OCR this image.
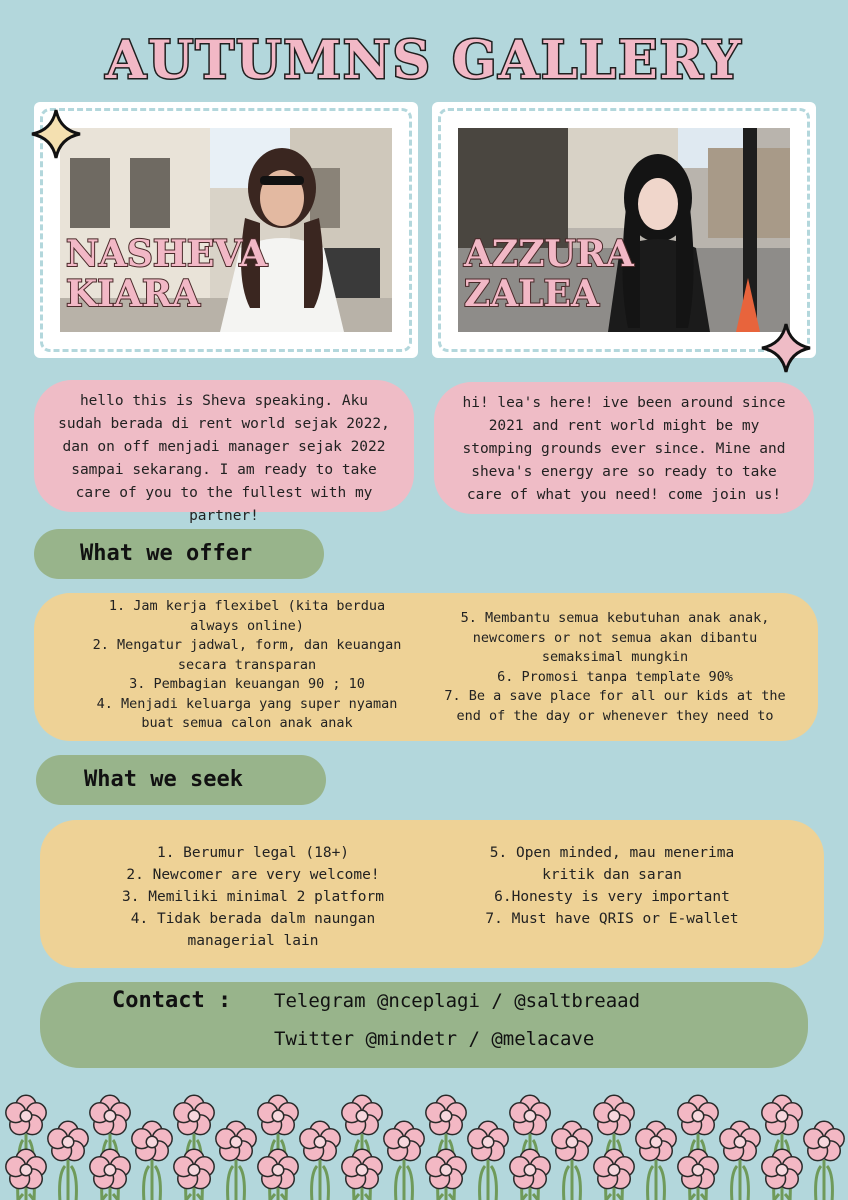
AUTUMNS GALLERY
NASHEVA
KIARA
AZZURA
ZALEA
hello this is Sheva speaking. Aku sudah berada di rent world sejak 2022, dan on off menjadi manager sejak 2022 sampai sekarang. I am ready to take care of you to the fullest with my partner!
hi! lea's here! ive been around since 2021 and rent world might be my stomping grounds ever since. Mine and sheva's energy are so ready to take care of what you need! come join us!
What we offer

1. Jam kerja flexibel (kita berdua

always online)

2. Mengatur jadwal, form, dan keuangan

secara transparan

3. Pembagian keuangan 90 ; 10

4. Menjadi keluarga yang super nyaman

buat semua calon anak anak

5. Membantu semua kebutuhan anak anak,

newcomers or not semua akan dibantu

semaksimal mungkin

6. Promosi tanpa template 90%

7. Be a save place for all our kids at the

end of the day or whenever they need to

What we seek

1. Berumur legal (18+)

2. Newcomer are very welcome!

3. Memiliki minimal 2 platform

4. Tidak berada dalm naungan

managerial lain

5. Open minded, mau menerima

kritik dan saran

6.Honesty is very important

7. Must have QRIS or E-wallet

Contact : Telegram @nceplagi / @saltbreaad
Twitter @mindetr / @melacave
